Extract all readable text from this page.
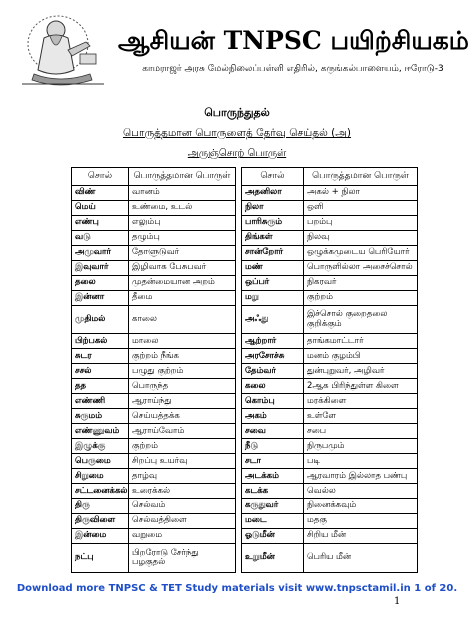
ஆசியன் TNPSC பயிற்சியகம்
காமராஜர் அரசு மேல்நிலைப்பள்ளி எதிரில், கருங்கல்பாளையம், ஈரோடு-3
பொருந்துதல்
பொருத்தமான பொருளைத் தேர்வு செய்தல் (அ)
அருஞ்சொற் பொருள்
சொல்	பொருத்தமான பொருள்		சொல்	பொருத்தமான பொருள்
விண்	வானம்		அதனிலா	அகல் + நிலா
மெய்	உண்மை, உடல்		நிலா	ஒளி
எண்பு	எலும்பு		பாரிசுரும்	பறம்பு
வடு	தழும்பு		திங்கள்	நிலவு
அமுவார்	தோளுடுவர்		சான்றோர்	ஒழுக்கமுடைய பெரியோர்
இவுவார்	இழிவாக பேசுபவர்		மண்	பொருளில்லா அசைச்சொல்
தலை	முதன்மையான அறம்		ஒப்பர்	நிகரவர்
இன்னா	தீமை		மறு	குற்றம்
முதிமல்	காலை		அஃது	இச்சொல் குறைதலை குறிக்கும்
பிற்பகல்	மாலை		ஆற்றார்	தாங்கமாட்டார்
சுடர	குற்றம் நீங்க		அரசோச்சு	மனம் குழம்பி
சசல்	பழுது குற்றம்		தேம்வர்	துன்புறுவர், அழிவர்
தத	பொருந்த		கலை	2ஆக பிரிந்துள்ள கிளை
எண்ணி	ஆராய்ந்து		கொம்பு	மரக்கிளை
சுருமம்	செய்யத்தக்க		அகம்	உள்ளே
எண்ணுவம்	ஆராய்வோம்		சவை	சபை
இழுக்கு	குற்றம்		நீடு	நிருபமும்
பெருமை	சிறப்பு உயர்வு		சடா	படி
சிறுமை	தாழ்வு		அடக்கம்	ஆரவாரம் இல்லாத பண்பு
சட்டனைக்கல்	உரைக்கல்		கடக்க	வெல்ல
திரு	செல்வம்		கருதுவர்	நினைக்கவும்
திருவிளை	செல்வத்திளை		மடை	மதகு
இன்மை	வறுமை		ஓடுமீன்	சிறிய மீன்
நட்பு	பிறரோடு சேர்ந்து பழகுதல்		உறுமீன்	பெரிய மீன்
Download more TNPSC & TET Study materials visit www.tnpsctamil.in 1 of 20.
1
